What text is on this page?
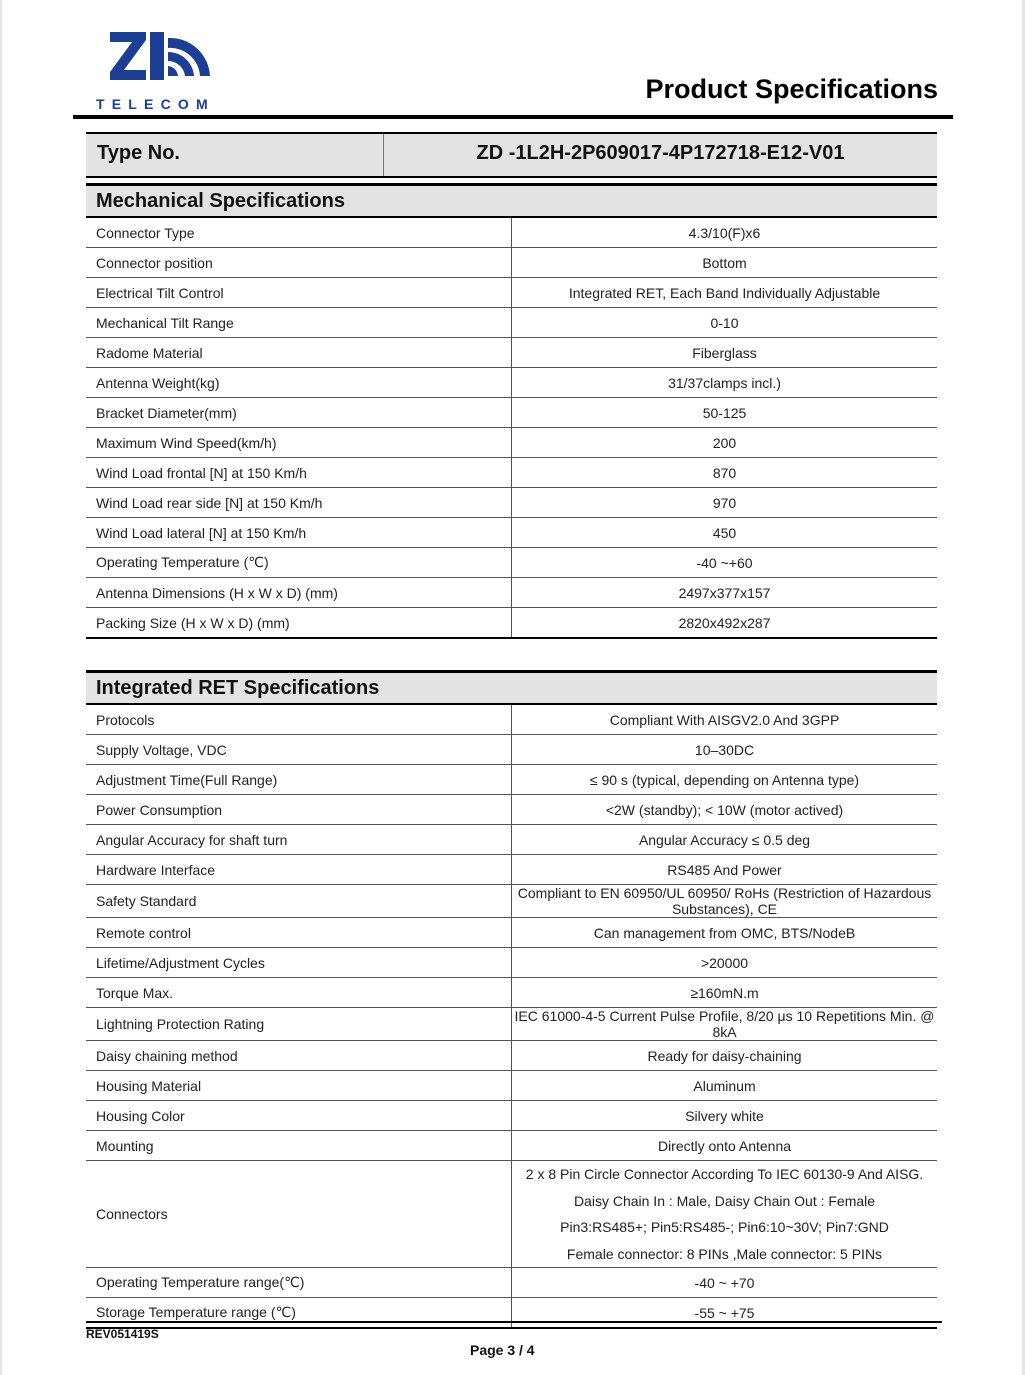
TELECOM	Product Specifications
Type No.	ZD -1L2H-2P609017-4P172718-E12-V01
Mechanical Specifications	
Connector Type	4.3/10(F)x6
Connector position	Bottom
Electrical Tilt Control	Integrated RET, Each Band Individually Adjustable
Mechanical Tilt Range	0-10
Radome Material	Fiberglass
Antenna Weight(kg)	31/37clamps incl.)
Bracket Diameter(mm)	50-125
Maximum Wind Speed(km/h)	200
Wind Load frontal [N] at 150 Km/h	870
Wind Load rear side [N] at 150 Km/h	970
Wind Load lateral [N] at 150 Km/h	450
Operating Temperature (℃)	-40 ~+60
Antenna Dimensions (H x W x D) (mm)	2497x377x157
Packing Size (H x W x D) (mm)	2820x492x287
Integrated RET Specifications	
Protocols	Compliant With AISGV2.0 And 3GPP
Supply Voltage, VDC	10–30DC
Adjustment Time(Full Range)	≤ 90 s (typical, depending on Antenna type)
Power Consumption	<2W (standby); < 10W (motor actived)
Angular Accuracy for shaft turn	Angular Accuracy ≤ 0.5 deg
Hardware Interface	RS485 And Power
Safety Standard	Compliant to EN 60950/UL 60950/ RoHs (Restriction of Hazardous Substances), CE
Remote control	Can management from OMC, BTS/NodeB
Lifetime/Adjustment Cycles	>20000
Torque Max.	≥160mN.m
Lightning Protection Rating	IEC 61000-4-5 Current Pulse Profile, 8/20 μs 10 Repetitions Min. @ 8kA
Daisy chaining method	Ready for daisy-chaining
Housing Material	Aluminum
Housing Color	Silvery white
Mounting	Directly onto Antenna
Connectors	2 x 8 Pin Circle Connector According To IEC 60130-9 And AISG.
Daisy Chain In : Male, Daisy Chain Out : Female
Pin3:RS485+; Pin5:RS485-; Pin6:10~30V; Pin7:GND
Female connector: 8 PINs ,Male connector: 5 PINs

Operating Temperature range(℃)	-40 ~ +70
Storage Temperature range (℃)	-55 ~ +75
REV051419S
Page 3 / 4
